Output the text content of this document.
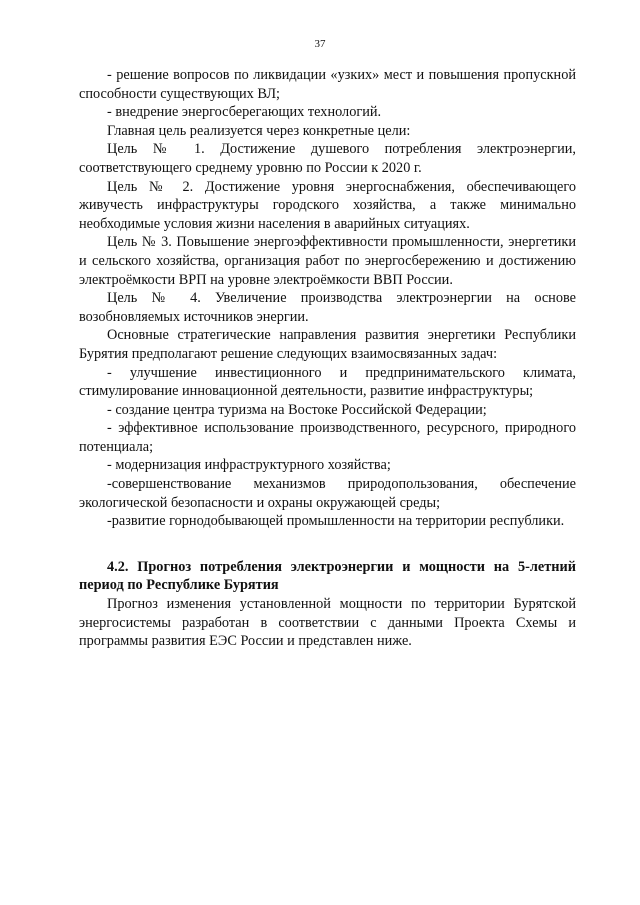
37

- решение вопросов по ликвидации «узких» мест и повышения пропускной способности существующих ВЛ;

- внедрение энергосберегающих технологий.

Главная цель реализуется через конкретные цели:

Цель № 1. Достижение душевого потребления электроэнергии, соответствующего среднему уровню по России к 2020 г.

Цель № 2. Достижение уровня энергоснабжения, обеспечивающего живучесть инфраструктуры городского хозяйства, а также минимально необходимые условия жизни населения в аварийных ситуациях.

Цель № 3. Повышение энергоэффективности промышленности, энергетики и сельского хозяйства, организация работ по энергосбережению и достижению электроёмкости ВРП на уровне электроёмкости ВВП России.

Цель № 4. Увеличение производства электроэнергии на основе возобновляемых источников энергии.

Основные стратегические направления развития энергетики Республики Бурятия предполагают решение следующих взаимосвязанных задач:

- улучшение инвестиционного и предпринимательского климата, стимулирование инновационной деятельности, развитие инфраструктуры;

- создание центра туризма на Востоке Российской Федерации;

- эффективное использование производственного, ресурсного, природного потенциала;

- модернизация инфраструктурного хозяйства;

-совершенствование механизмов природопользования, обеспечение экологической безопасности и охраны окружающей среды;

-развитие горнодобывающей промышленности на территории республики.

4.2. Прогноз потребления электроэнергии и мощности на 5-летний период по Республике Бурятия

Прогноз изменения установленной мощности по территории Бурятской энергосистемы разработан в соответствии с данными Проекта Схемы и программы развития ЕЭС России и представлен ниже.
